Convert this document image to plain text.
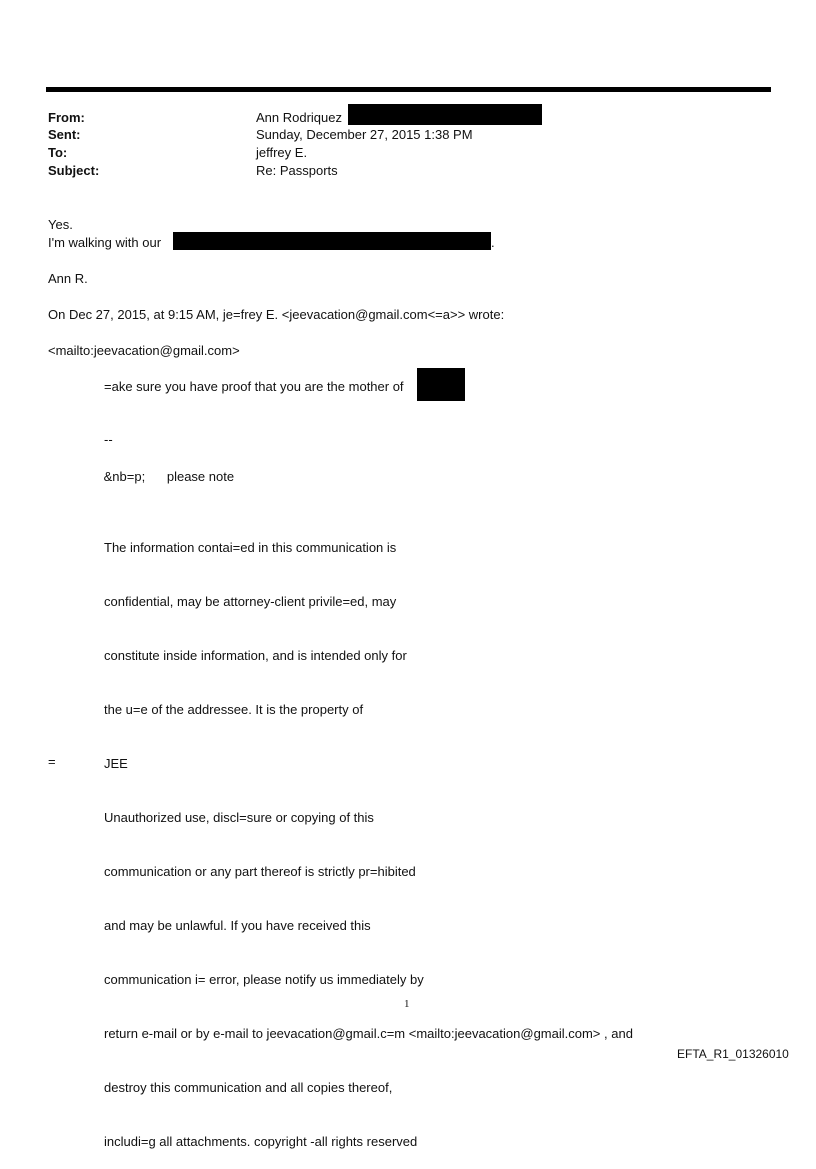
From:	Ann Rodriquez
Sent:	Sunday, December 27, 2015 1:38 PM
To:	jeffrey E.
Subject:	Re: Passports
Yes.
I'm walking with our	.
Ann R.
On Dec 27, 2015, at 9:15 AM, je=frey E. <jeevacation@gmail.com<=a>> wrote:
<mailto:jeevacation@gmail.com>
=ake sure you have proof that you are the mother of
--
&nb=p;      please note

The information contai=ed in this communication is

confidential, may be attorney-client privile=ed, may

constitute inside information, and is intended only for

the u=e of the addressee. It is the property of

JEE

Unauthorized use, discl=sure or copying of this

communication or any part thereof is strictly pr=hibited

and may be unlawful. If you have received this

communication i= error, please notify us immediately by

return e-mail or by e-mail to jeevacation@gmail.c=m <mailto:jeevacation@gmail.com> , and

destroy this communication and all copies thereof,

includi=g all attachments. copyright -all rights reserved

=
1
EFTA_R1_01326010
